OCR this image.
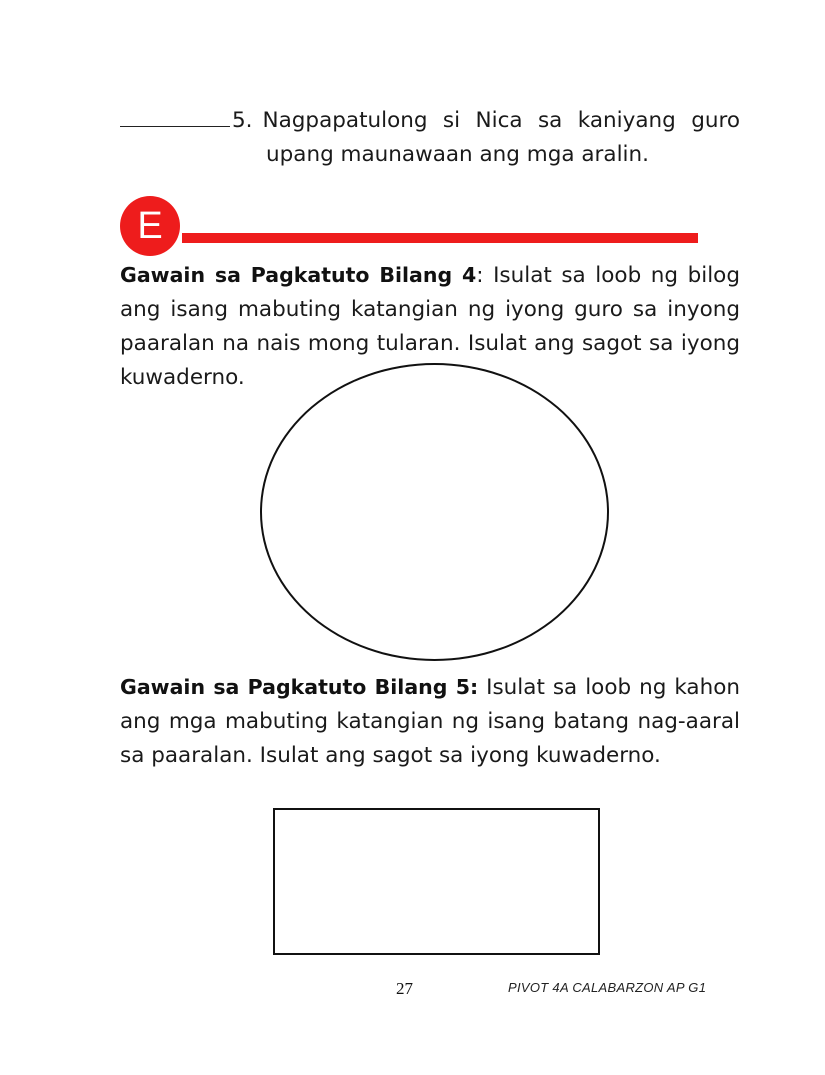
5. Nagpapatulong si Nica sa kaniyang guro
upang maunawaan ang mga aralin.
E
Gawain sa Pagkatuto Bilang 4: Isulat sa loob ng bilog ang isang mabuting katangian ng iyong guro sa inyong paaralan na nais mong tularan. Isulat ang sagot sa iyong kuwaderno.
Gawain sa Pagkatuto Bilang 5: Isulat sa loob ng kahon ang mga mabuting katangian ng isang batang nag-aaral sa paaralan. Isulat ang sagot sa iyong kuwaderno.
27	PIVOT 4A CALABARZON AP G1
